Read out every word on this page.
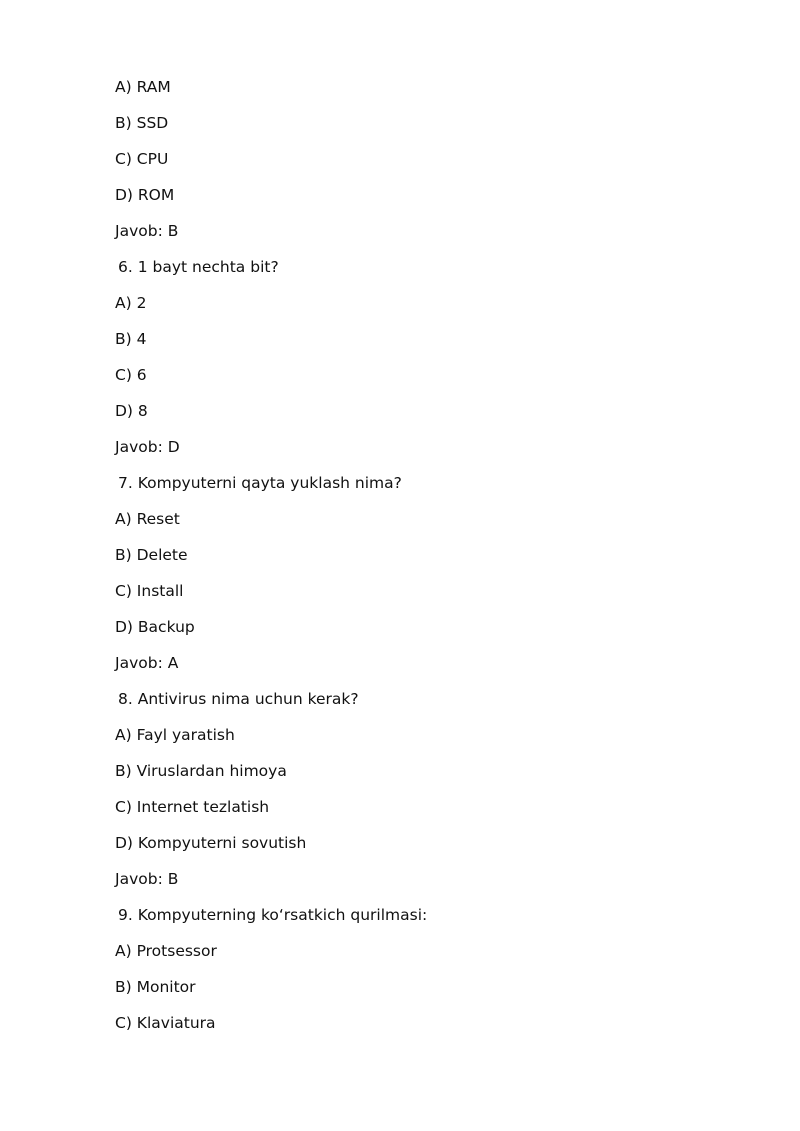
A) RAM
B) SSD
C) CPU
D) ROM
Javob: B
6. 1 bayt nechta bit?
A) 2
B) 4
C) 6
D) 8
Javob: D
7. Kompyuterni qayta yuklash nima?
A) Reset
B) Delete
C) Install
D) Backup
Javob: A
8. Antivirus nima uchun kerak?
A) Fayl yaratish
B) Viruslardan himoya
C) Internet tezlatish
D) Kompyuterni sovutish
Javob: B
9. Kompyuterning ko‘rsatkich qurilmasi:
A) Protsessor
B) Monitor
C) Klaviatura
